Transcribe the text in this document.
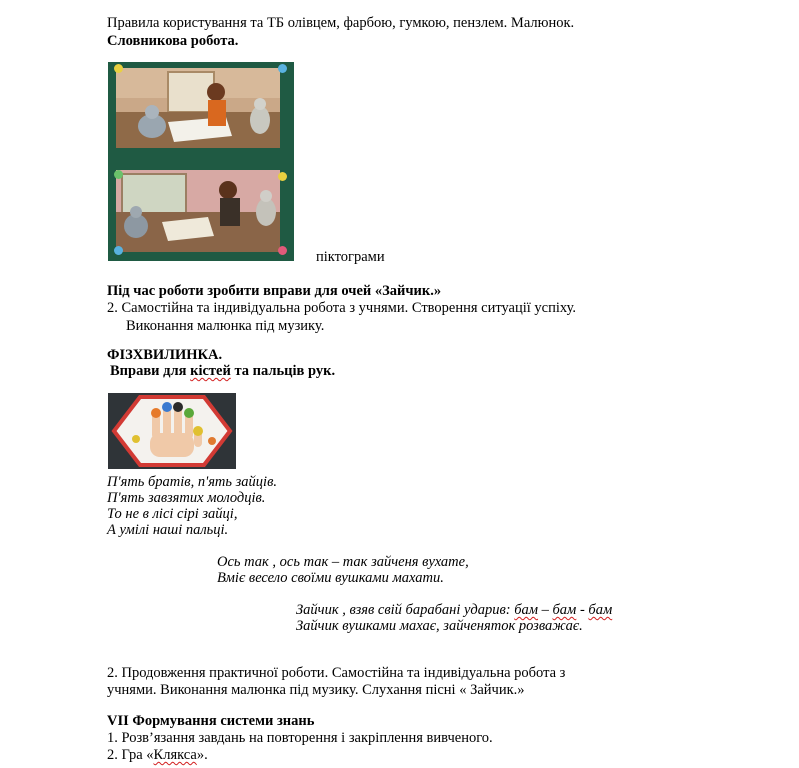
Правила користування та ТБ олівцем, фарбою, гумкою, пензлем. Малюнок.
Словникова робота.
піктограми
Під час роботи зробити вправи для очей «Зайчик.»
2. Самостійна та індивідуальна робота з учнями. Створення ситуації успіху.
Виконання малюнка під музику.
ФІЗХВИЛИНКА.
Вправи для кістей та пальців рук.
П'ять братів, п'ять зайців.
П'ять завзятих молодців.
То не в лісі сірі зайці,
А умілі наші пальці.
Ось так , ось так – так зайченя вухате,
Вміє весело своїми вушками махати.
Зайчик , взяв свій барабані ударив: бам – бам - бам
Зайчик вушками махає, зайченяток розважає.
2. Продовження практичної роботи. Самостійна та індивідуальна робота з
учнями. Виконання малюнка під музику. Слухання пісні « Зайчик.»
VII Формування системи знань
1. Розв’язання завдань на повторення і закріплення вивченого.
2. Гра «Клякса».
